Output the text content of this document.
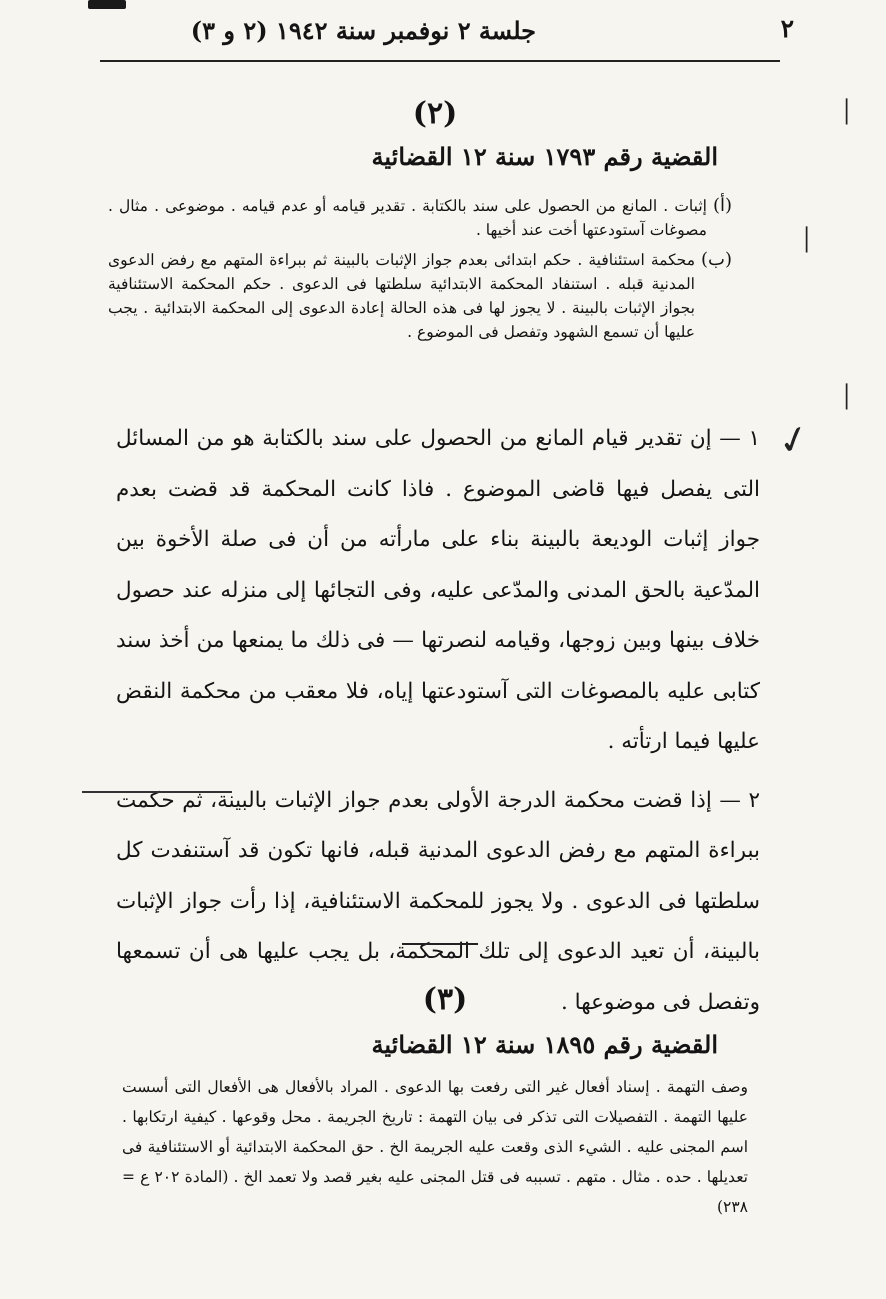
٢
جلسة ٢ نوفمبر سنة ١٩٤٢ (٢ و ٣)
│
│
│
(٢)
القضية رقم ١٧٩٣ سنة ١٢ القضائية
(أ)
إثبات . المانع من الحصول على سند بالكتابة . تقدير قيامه أو عدم قيامه . موضوعى . مثال . مصوغات آستودعتها أخت عند أخيها .
(ب)
محكمة استئنافية . حكم ابتدائى بعدم جواز الإثبات بالبينة ثم ببراءة المتهم مع رفض الدعوى المدنية قبله . استنفاد المحكمة الابتدائية سلطتها فى الدعوى . حكم المحكمة الاستئنافية بجواز الإثبات بالبينة . لا يجوز لها فى هذه الحالة إعادة الدعوى إلى المحكمة الابتدائية . يجب عليها أن تسمع الشهود وتفصل فى الموضوع .
✓

١ — إن تقدير قيام المانع من الحصول على سند بالكتابة هو من المسائل التى يفصل فيها قاضى الموضوع . فاذا كانت المحكمة قد قضت بعدم جواز إثبات الوديعة بالبينة بناء على مارأته من أن فى صلة الأخوة بين المدّعية بالحق المدنى والمدّعى عليه، وفى التجائها إلى منزله عند حصول خلاف بينها وبين زوجها، وقيامه لنصرتها — فى ذلك ما يمنعها من أخذ سند كتابى عليه بالمصوغات التى آستودعتها إياه، فلا معقب من محكمة النقض عليها فيما ارتأته .

٢ — إذا قضت محكمة الدرجة الأولى بعدم جواز الإثبات بالبينة، ثم حكمت ببراءة المتهم مع رفض الدعوى المدنية قبله، فانها تكون قد آستنفدت كل سلطتها فى الدعوى . ولا يجوز للمحكمة الاستئنافية، إذا رأت جواز الإثبات بالبينة، أن تعيد الدعوى إلى تلك المحكمة، بل يجب عليها هى أن تسمعها وتفصل فى موضوعها .

(٣)
القضية رقم ١٨٩٥ سنة ١٢ القضائية
وصف التهمة . إسناد أفعال غير التى رفعت بها الدعوى . المراد بالأفعال هى الأفعال التى أسست عليها التهمة . التفصيلات التى تذكر فى بيان التهمة : تاريخ الجريمة . محل وقوعها . كيفية ارتكابها . اسم المجنى عليه . الشيء الذى وقعت عليه الجريمة الخ . حق المحكمة الابتدائية أو الاستئنافية فى تعديلها . حده . مثال . متهم . تسببه فى قتل المجنى عليه بغير قصد ولا تعمد الخ . (المادة ٢٠٢ ع = ٢٣٨)
